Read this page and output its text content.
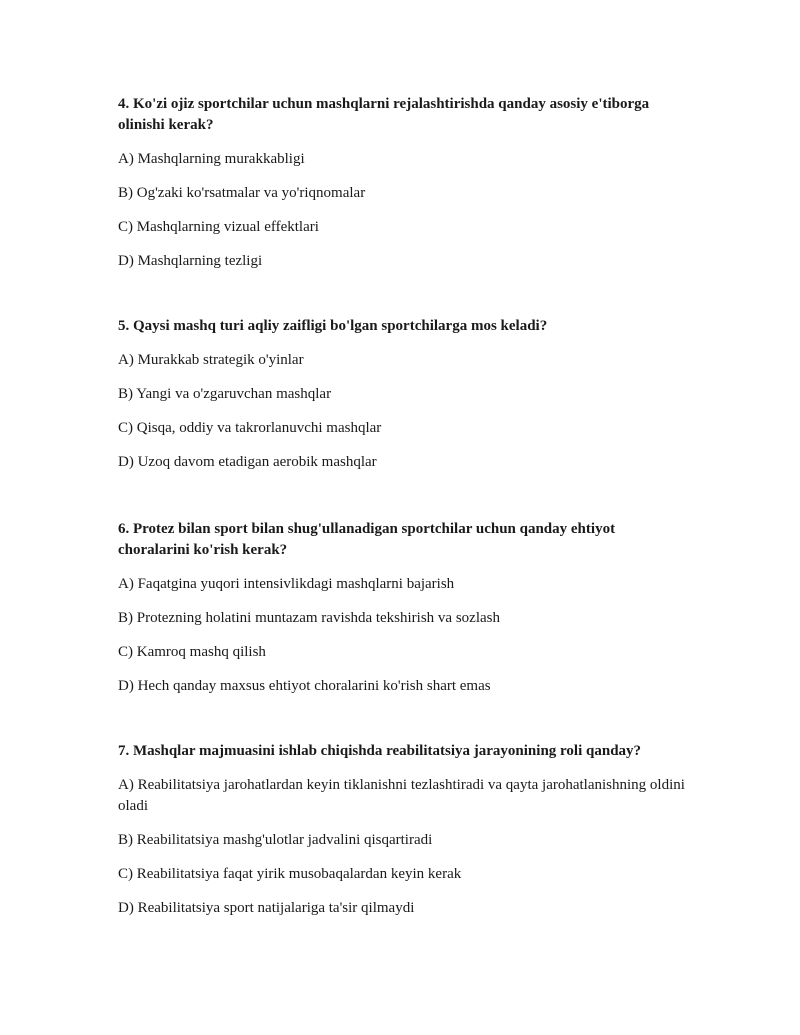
4. Ko'zi ojiz sportchilar uchun mashqlarni rejalashtirishda qanday asosiy e'tiborga olinishi kerak?

A) Mashqlarning murakkabligi

B) Og'zaki ko'rsatmalar va yo'riqnomalar

C) Mashqlarning vizual effektlari

D) Mashqlarning tezligi

5. Qaysi mashq turi aqliy zaifligi bo'lgan sportchilarga mos keladi?

A) Murakkab strategik o'yinlar

B) Yangi va o'zgaruvchan mashqlar

C) Qisqa, oddiy va takrorlanuvchi mashqlar

D) Uzoq davom etadigan aerobik mashqlar

6. Protez bilan sport bilan shug'ullanadigan sportchilar uchun qanday ehtiyot choralarini ko'rish kerak?

A) Faqatgina yuqori intensivlikdagi mashqlarni bajarish

B) Protezning holatini muntazam ravishda tekshirish va sozlash

C) Kamroq mashq qilish

D) Hech qanday maxsus ehtiyot choralarini ko'rish shart emas

7. Mashqlar majmuasini ishlab chiqishda reabilitatsiya jarayonining roli qanday?

A) Reabilitatsiya jarohatlardan keyin tiklanishni tezlashtiradi va qayta jarohatlanishning oldini oladi

B) Reabilitatsiya mashg'ulotlar jadvalini qisqartiradi

C) Reabilitatsiya faqat yirik musobaqalardan keyin kerak

D) Reabilitatsiya sport natijalariga ta'sir qilmaydi
